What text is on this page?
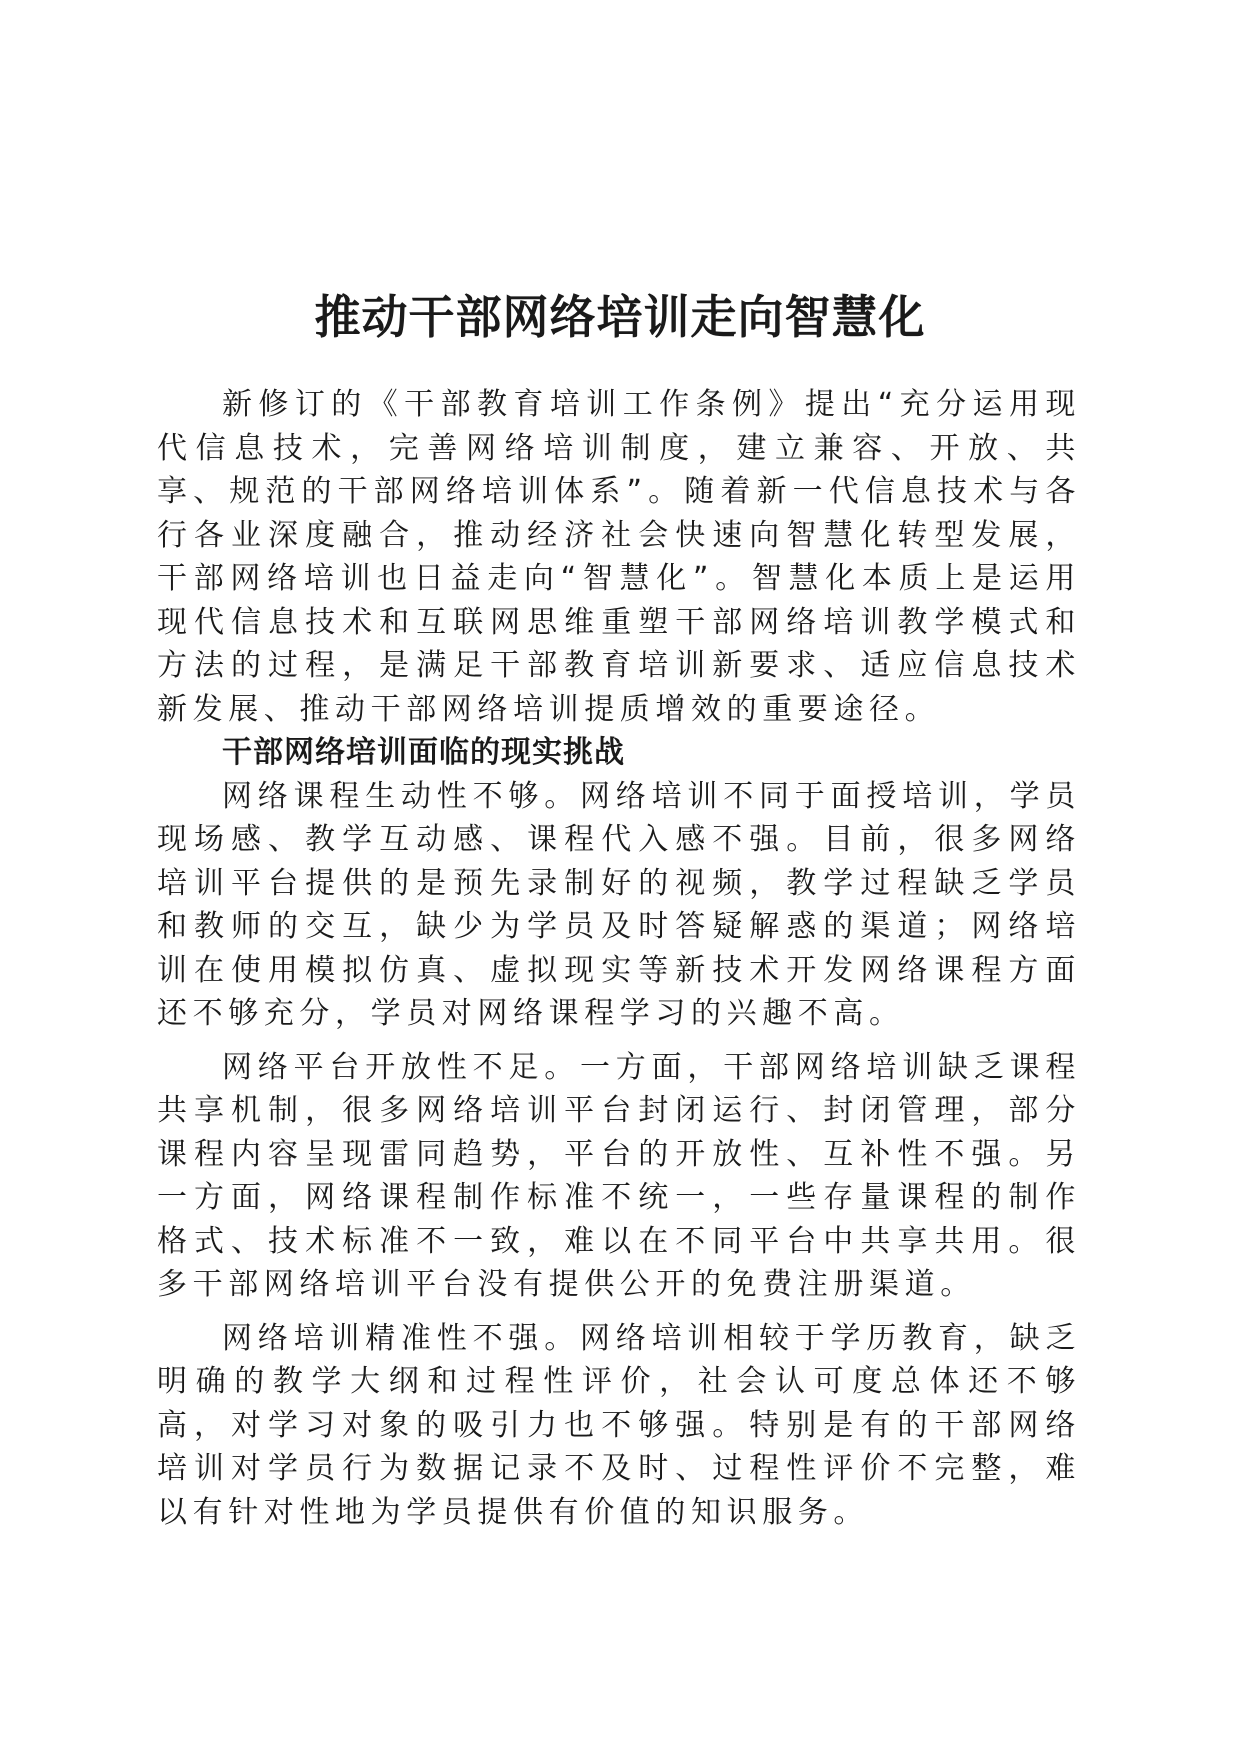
推动干部网络培训走向智慧化

新修订的《干部教育培训工作条例》提出“充分运用现代信息技术，完善网络培训制度，建立兼容、开放、共享、规范的干部网络培训体系”。随着新一代信息技术与各行各业深度融合，推动经济社会快速向智慧化转型发展，干部网络培训也日益走向“智慧化”。智慧化本质上是运用现代信息技术和互联网思维重塑干部网络培训教学模式和方法的过程，是满足干部教育培训新要求、适应信息技术新发展、推动干部网络培训提质增效的重要途径。

干部网络培训面临的现实挑战

网络课程生动性不够。网络培训不同于面授培训，学员现场感、教学互动感、课程代入感不强。目前，很多网络培训平台提供的是预先录制好的视频，教学过程缺乏学员和教师的交互，缺少为学员及时答疑解惑的渠道；网络培训在使用模拟仿真、虚拟现实等新技术开发网络课程方面还不够充分，学员对网络课程学习的兴趣不高。

网络平台开放性不足。一方面，干部网络培训缺乏课程共享机制，很多网络培训平台封闭运行、封闭管理，部分课程内容呈现雷同趋势，平台的开放性、互补性不强。另一方面，网络课程制作标准不统一，一些存量课程的制作格式、技术标准不一致，难以在不同平台中共享共用。很多干部网络培训平台没有提供公开的免费注册渠道。

网络培训精准性不强。网络培训相较于学历教育，缺乏明确的教学大纲和过程性评价，社会认可度总体还不够高，对学习对象的吸引力也不够强。特别是有的干部网络培训对学员行为数据记录不及时、过程性评价不完整，难以有针对性地为学员提供有价值的知识服务。
